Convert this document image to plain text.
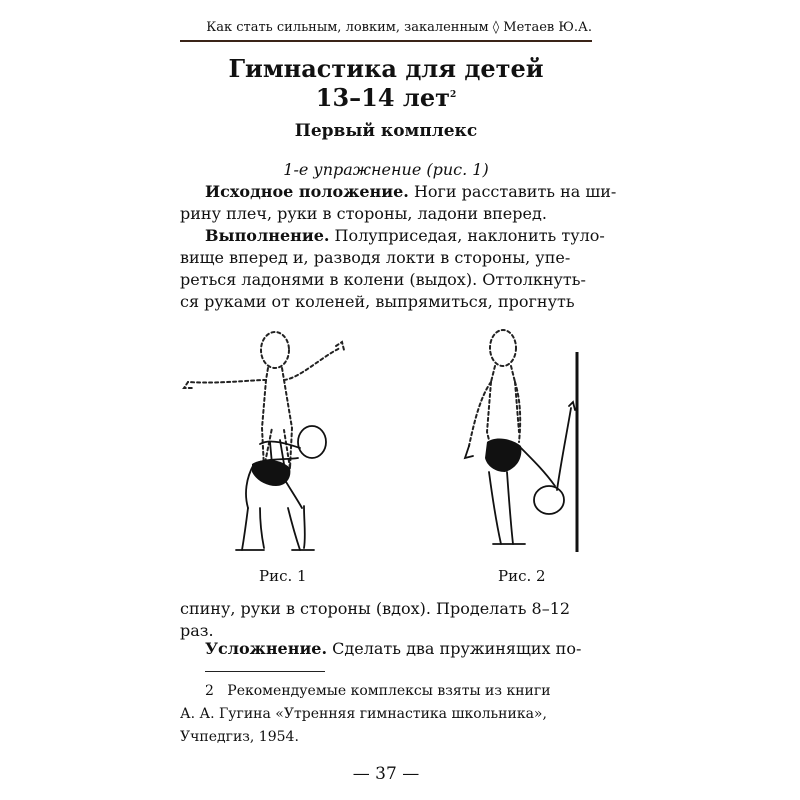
Как стать сильным, ловким, закаленным ◊ Метаев Ю.А.
Гимнастика для детей
13–14 лет$^2$
Первый комплекс
1-е упражнение (рис. 1)
Исходное положение. Ноги расставить на ши-
рину плеч, руки в стороны, ладони вперед.
Выполнение. Полуприседая, наклонить туло-
вище вперед и, разводя локти в стороны, упе-
реться ладонями в колени (выдох). Оттолкнуть-
ся руками от коленей, выпрямиться, прогнуть
Рис. 1	Рис. 2
спину, руки в стороны (вдох). Проделать 8–12
раз.
Усложнение. Сделать два пружинящих по-
2 Рекомендуемые комплексы взяты из книги
А. А. Гугина «Утренняя гимнастика школьника»,
Учпедгиз, 1954.
— 37 —
